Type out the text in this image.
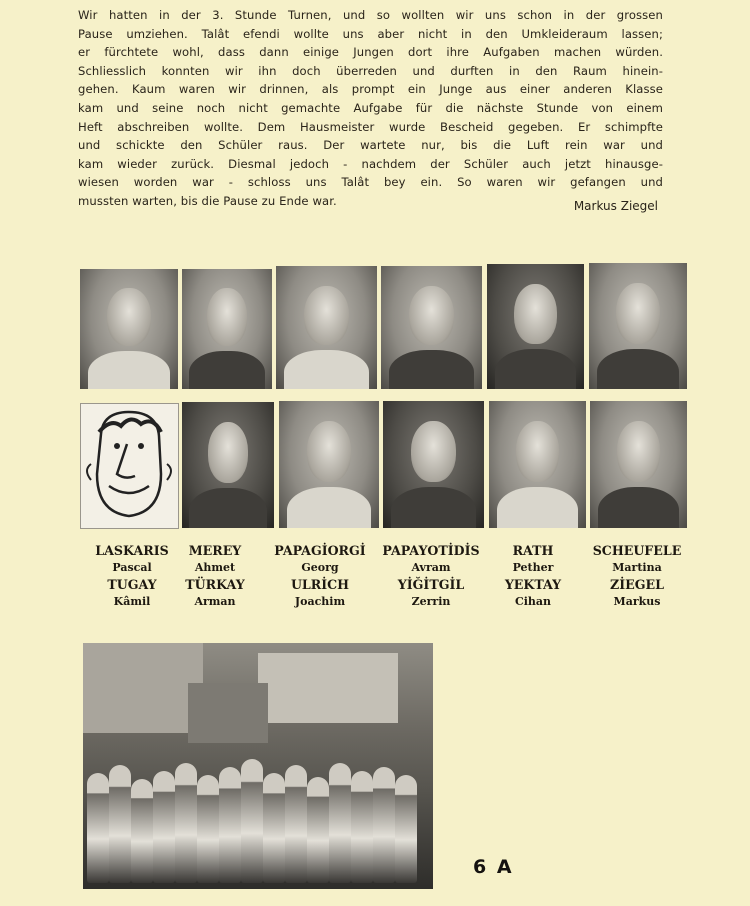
Wir hatten in der 3. Stunde Turnen, und so wollten wir uns schon in der grossen
Pause umziehen. Talât efendi wollte uns aber nicht in den Umkleideraum lassen;
er fürchtete wohl, dass dann einige Jungen dort ihre Aufgaben machen würden.
Schliesslich konnten wir ihn doch überreden und durften in den Raum hinein-
gehen. Kaum waren wir drinnen, als prompt ein Junge aus einer anderen Klasse
kam und seine noch nicht gemachte Aufgabe für die nächste Stunde von einem
Heft abschreiben wollte. Dem Hausmeister wurde Bescheid gegeben. Er schimpfte
und schickte den Schüler raus. Der wartete nur, bis die Luft rein war und
kam wieder zurück. Diesmal jedoch - nachdem der Schüler auch jetzt hinausge-
wiesen worden war - schloss uns Talât bey ein. So waren wir gefangen und
mussten warten, bis die Pause zu Ende war.	Markus Ziegel
LASKARIS
Pascal
TUGAY
Kâmil
MEREY
Ahmet
TÜRKAY
Arman
PAPAGİORGİ
Georg
ULRİCH
Joachim
PAPAYOTİDİS
Avram
YİĞİTGİL
Zerrin
RATH
Pether
YEKTAY
Cihan
SCHEUFELE
Martina
ZİEGEL
Markus
6 A
